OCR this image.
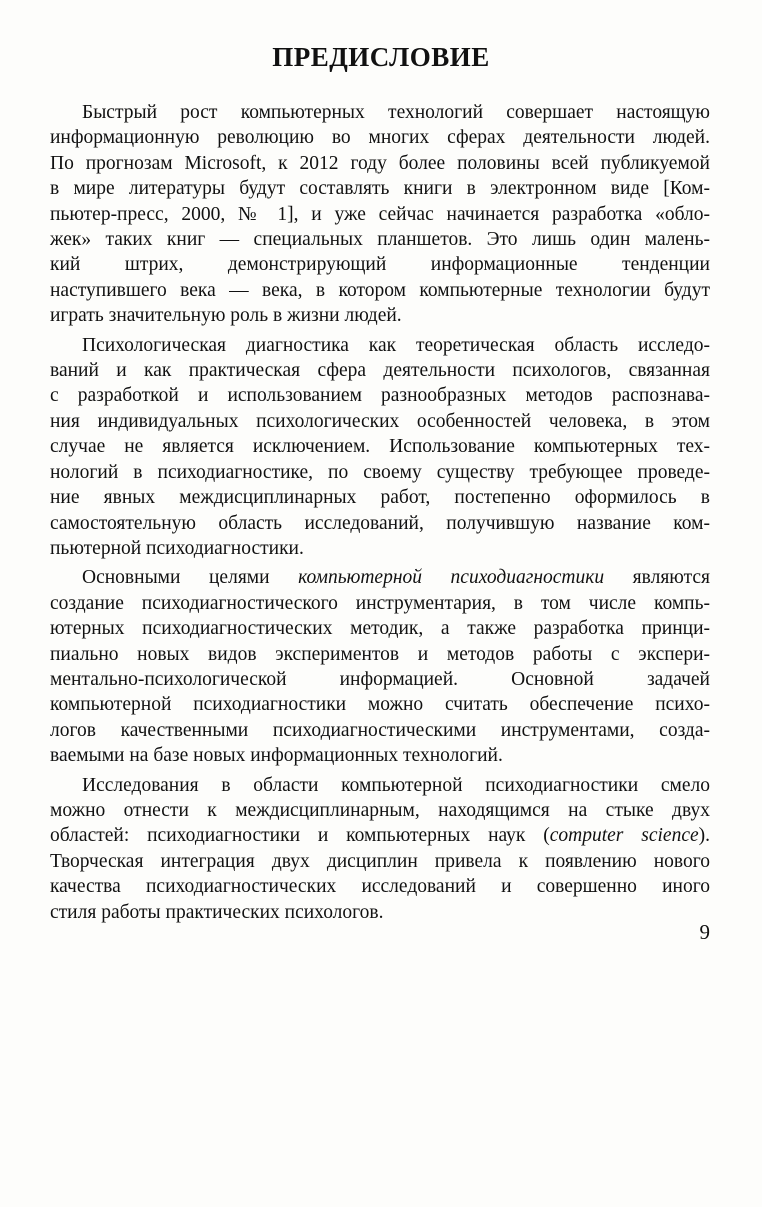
ПРЕДИСЛОВИЕ

Быстрый рост компьютерных технологий совершает настоящую
информационную революцию во многих сферах деятельности людей.
По прогнозам Microsoft, к 2012 году более половины всей публикуемой
в мире литературы будут составлять книги в электронном виде [Ком-
пьютер-пресс, 2000, № 1], и уже сейчас начинается разработка «обло-
жек» таких книг — специальных планшетов. Это лишь один малень-
кий штрих, демонстрирующий информационные тенденции
наступившего века — века, в котором компьютерные технологии будут
играть значительную роль в жизни людей.

Психологическая диагностика как теоретическая область исследо-
ваний и как практическая сфера деятельности психологов, связанная
с разработкой и использованием разнообразных методов распознава-
ния индивидуальных психологических особенностей человека, в этом
случае не является исключением. Использование компьютерных тех-
нологий в психодиагностике, по своему существу требующее проведе-
ние явных междисциплинарных работ, постепенно оформилось в
самостоятельную область исследований, получившую название ком-
пьютерной психодиагностики.

Основными целями компьютерной психодиагностики являются
создание психодиагностического инструментария, в том числе компь-
ютерных психодиагностических методик, а также разработка принци-
пиально новых видов экспериментов и методов работы с экспери-
ментально-психологической информацией. Основной задачей
компьютерной психодиагностики можно считать обеспечение психо-
логов качественными психодиагностическими инструментами, созда-
ваемыми на базе новых информационных технологий.

Исследования в области компьютерной психодиагностики смело
можно отнести к междисциплинарным, находящимся на стыке двух
областей: психодиагностики и компьютерных наук (computer science).
Творческая интеграция двух дисциплин привела к появлению нового
качества психодиагностических исследований и совершенно иного
стиля работы практических психологов.

9
